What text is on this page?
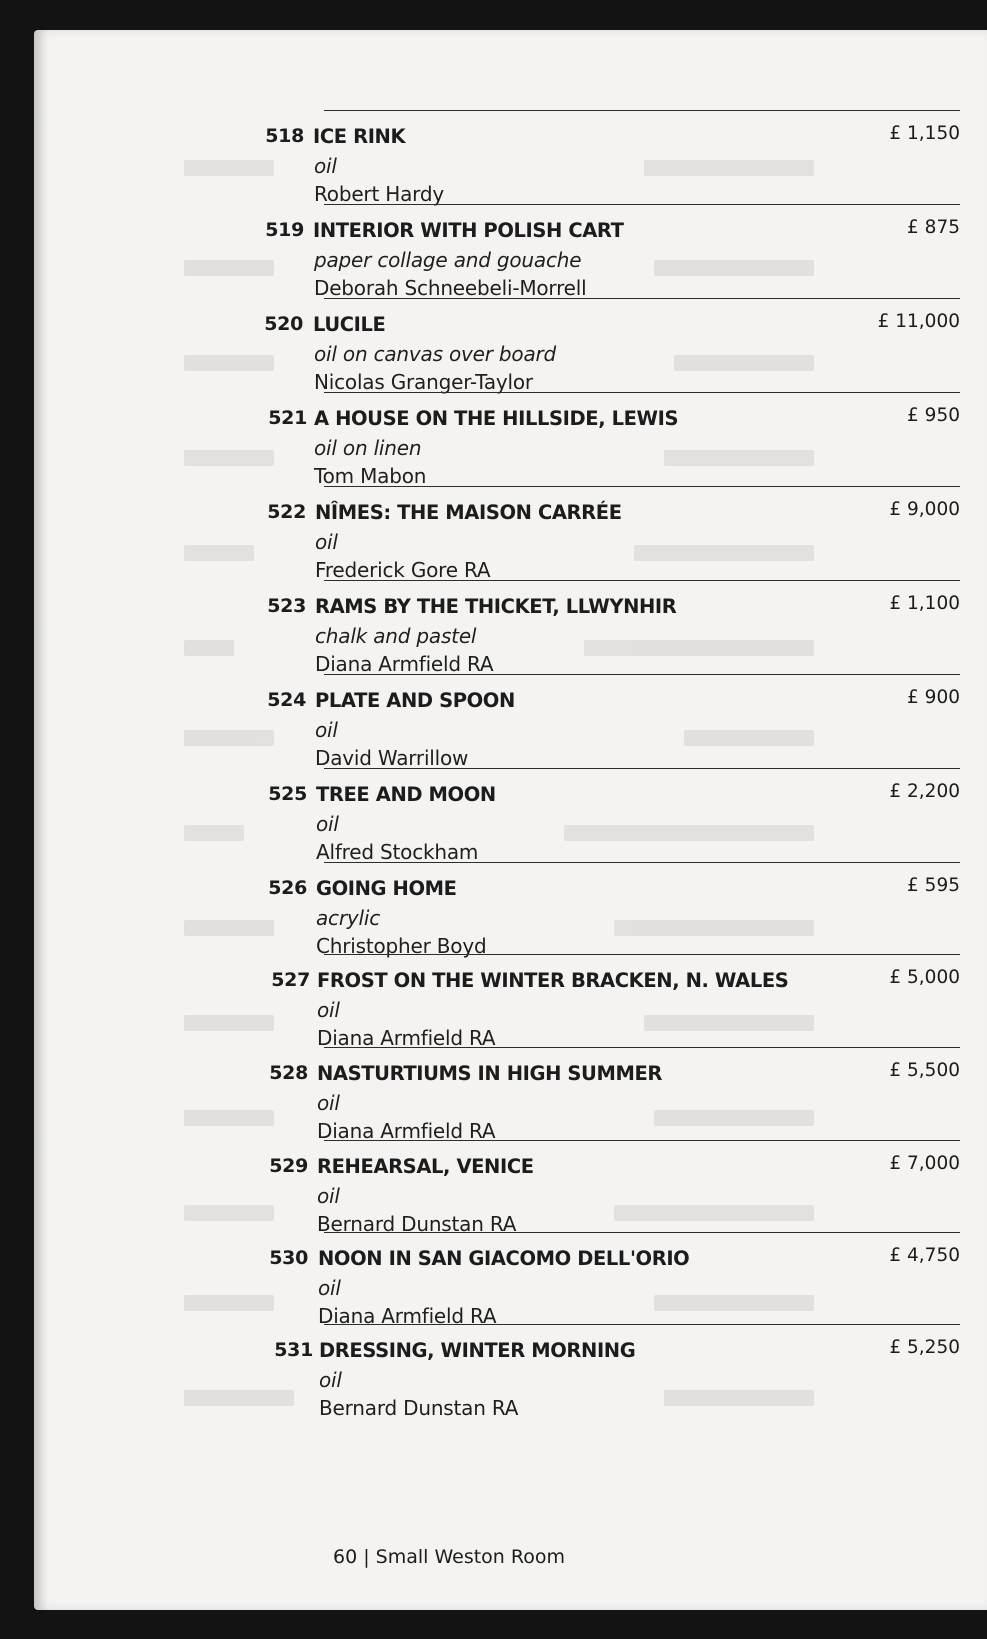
518 ICE RINK
oil
Robert Hardy
£ 1,150
519 INTERIOR WITH POLISH CART
paper collage and gouache
Deborah Schneebeli-Morrell
£ 875
520 LUCILE
oil on canvas over board
Nicolas Granger-Taylor
£ 11,000
521 A HOUSE ON THE HILLSIDE, LEWIS
oil on linen
Tom Mabon
£ 950
522 NÎMES: THE MAISON CARRÉE
oil
Frederick Gore RA
£ 9,000
523 RAMS BY THE THICKET, LLWYNHIR
chalk and pastel
Diana Armfield RA
£ 1,100
524 PLATE AND SPOON
oil
David Warrillow
£ 900
525 TREE AND MOON
oil
Alfred Stockham
£ 2,200
526 GOING HOME
acrylic
Christopher Boyd
£ 595
527 FROST ON THE WINTER BRACKEN, N. WALES
oil
Diana Armfield RA
£ 5,000
528 NASTURTIUMS IN HIGH SUMMER
oil
Diana Armfield RA
£ 5,500
529 REHEARSAL, VENICE
oil
Bernard Dunstan RA
£ 7,000
530 NOON IN SAN GIACOMO DELL'ORIO
oil
Diana Armfield RA
£ 4,750
531 DRESSING, WINTER MORNING
oil
Bernard Dunstan RA
£ 5,250
60 | Small Weston Room
